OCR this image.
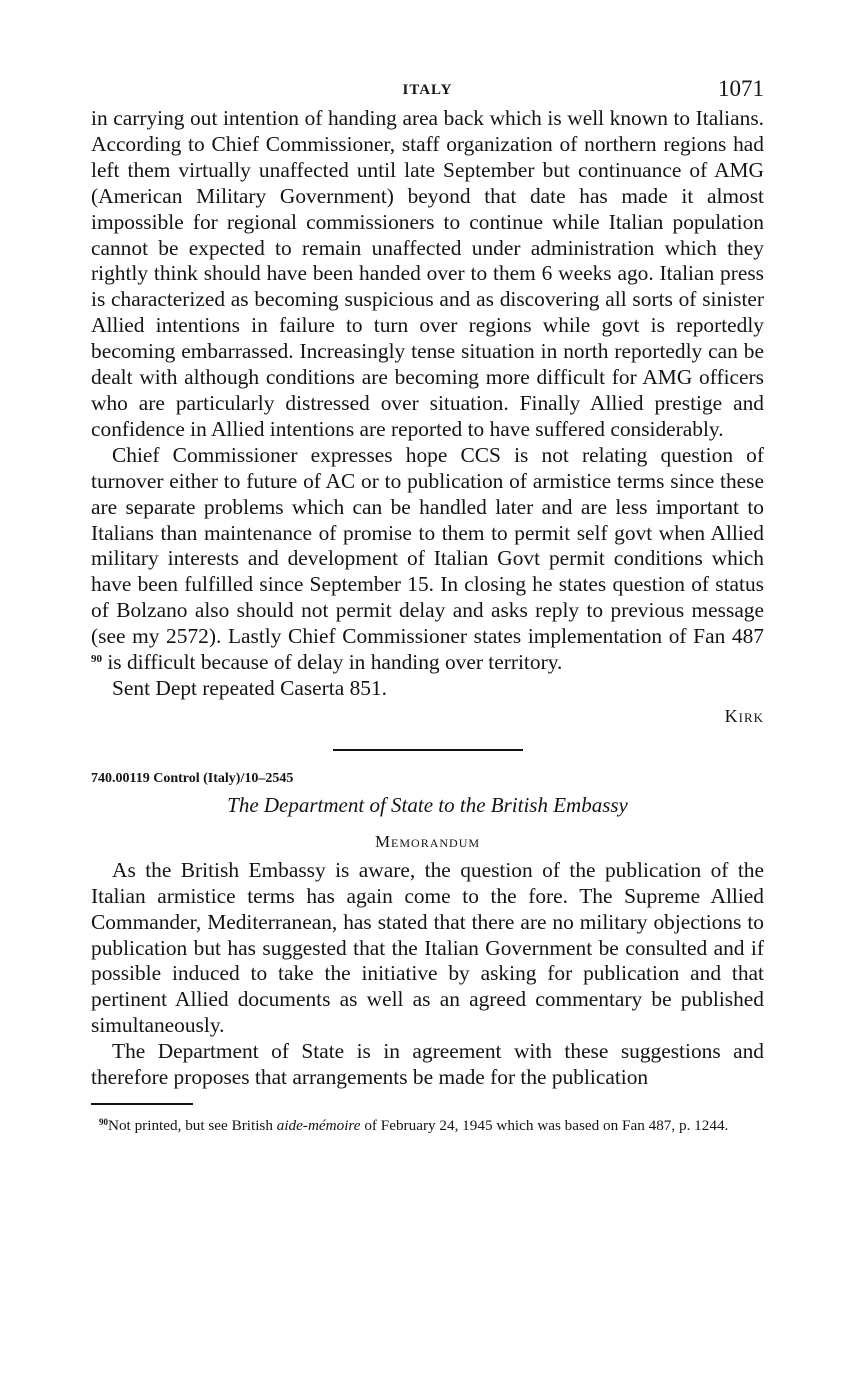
ITALY	1071

in carrying out intention of handing area back which is well known to Italians. According to Chief Commissioner, staff organization of northern regions had left them virtually unaffected until late September but continuance of AMG (American Military Government) beyond that date has made it almost impossible for regional commissioners to continue while Italian population cannot be expected to remain unaffected under administration which they rightly think should have been handed over to them 6 weeks ago. Italian press is characterized as becoming suspicious and as discovering all sorts of sinister Allied intentions in failure to turn over regions while govt is reportedly becoming embarrassed. Increasingly tense situation in north reportedly can be dealt with although conditions are becoming more difficult for AMG officers who are particularly distressed over situation. Finally Allied prestige and confidence in Allied intentions are reported to have suffered considerably.

Chief Commissioner expresses hope CCS is not relating question of turnover either to future of AC or to publication of armistice terms since these are separate problems which can be handled later and are less important to Italians than maintenance of promise to them to permit self govt when Allied military interests and development of Italian Govt permit conditions which have been fulfilled since September 15. In closing he states question of status of Bolzano also should not permit delay and asks reply to previous message (see my 2572). Lastly Chief Commissioner states implementation of Fan 487 $^{90}$ is difficult because of delay in handing over territory.

Sent Dept repeated Caserta 851.

Kirk
740.00119 Control (Italy)/10–2545
The Department of State to the British Embassy
Memorandum

As the British Embassy is aware, the question of the publication of the Italian armistice terms has again come to the fore. The Supreme Allied Commander, Mediterranean, has stated that there are no military objections to publication but has suggested that the Italian Government be consulted and if possible induced to take the initiative by asking for publication and that pertinent Allied documents as well as an agreed commentary be published simultaneously.

The Department of State is in agreement with these suggestions and therefore proposes that arrangements be made for the publication

$^{90}$Not printed, but see British aide-mémoire of February 24, 1945 which was based on Fan 487, p. 1244.
